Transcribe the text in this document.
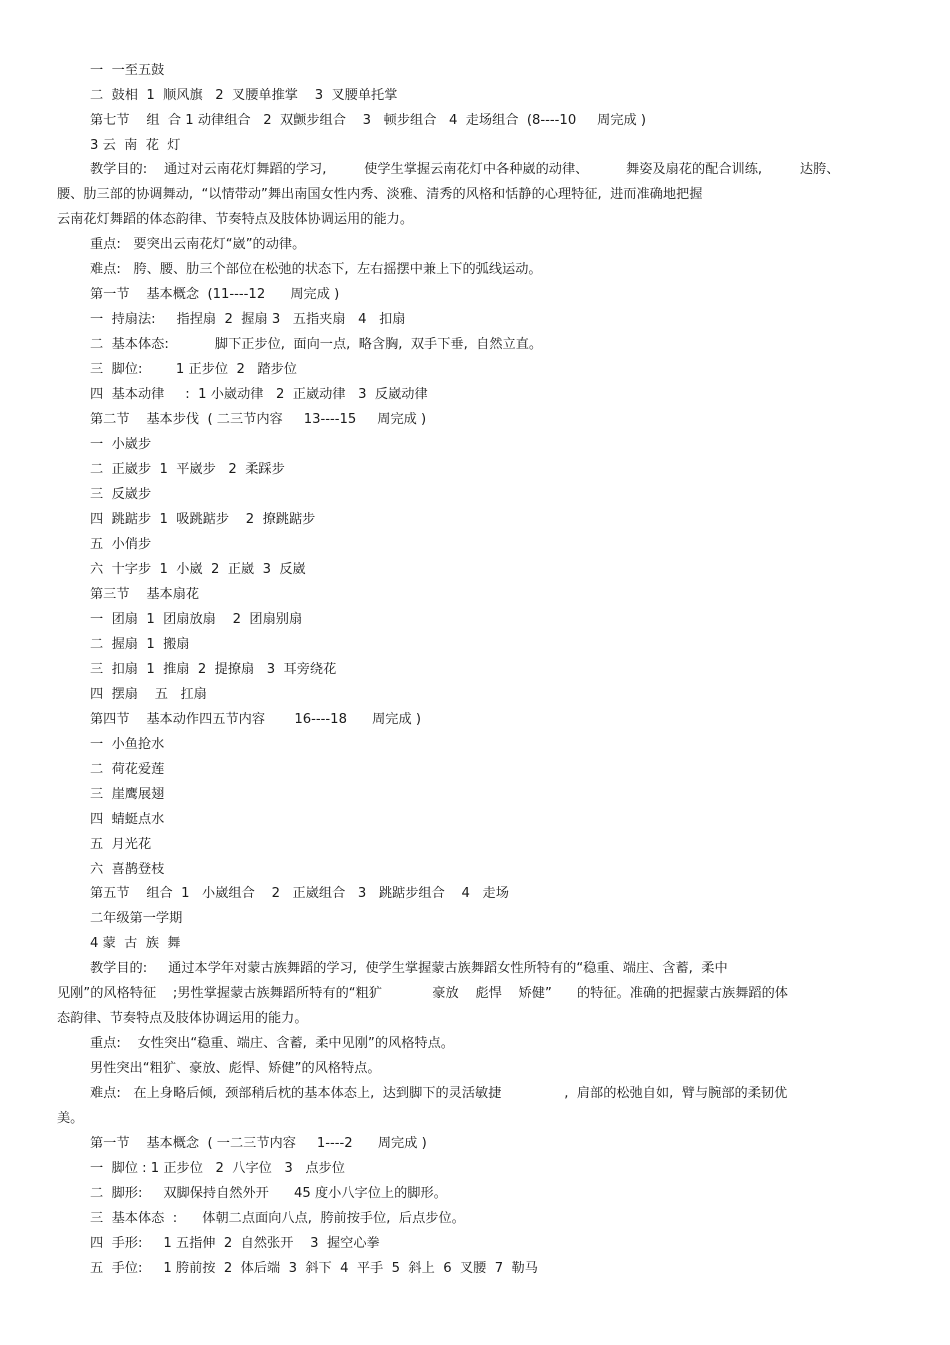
一  一至五鼓
二  鼓相  1  顺风旗   2  叉腰单推掌    3  叉腰单托掌
第七节    组  合 1 动律组合   2  双颤步组合    3   顿步组合   4  走场组合  (8----10     周完成 )
3 云  南  花  灯
教学目的:    通过对云南花灯舞蹈的学习,         使学生掌握云南花灯中各种崴的动律、         舞姿及扇花的配合训练,         达胯、
腰、肋三部的协调舞动,  “以情带动”舞出南国女性内秀、淡雅、清秀的风格和恬静的心理特征,  进而准确地把握
云南花灯舞蹈的体态韵律、节奏特点及肢体协调运用的能力。
重点:   要突出云南花灯“崴”的动律。
难点:   胯、腰、肋三个部位在松弛的状态下,  左右摇摆中兼上下的弧线运动。
第一节    基本概念  (11----12      周完成 )
一  持扇法:     指捏扇  2  握扇 3   五指夹扇   4   扣扇
二  基本体态:           脚下正步位,  面向一点,  略含胸,  双手下垂,  自然立直。
三  脚位:        1 正步位  2   踏步位
四  基本动律     :  1 小崴动律   2  正崴动律   3  反崴动律
第二节    基本步伐  ( 二三节内容     13----15     周完成 )
一  小崴步
二  正崴步  1  平崴步   2  柔踩步
三  反崴步
四  跳踮步  1  吸跳踮步    2  撩跳踮步
五  小俏步
六  十字步  1  小崴  2  正崴  3  反崴
第三节    基本扇花
一  团扇  1  团扇放扇    2  团扇别扇
二  握扇  1  搬扇
三  扣扇  1  推扇  2  提撩扇   3  耳旁绕花
四  摆扇    五   扛扇
第四节    基本动作四五节内容       16----18      周完成 )
一  小鱼抢水
二  荷花爱莲
三  崖鹰展翅
四  蜻蜓点水
五  月光花
六  喜鹊登枝
第五节    组合  1   小崴组合    2   正崴组合   3   跳踮步组合    4   走场
二年级第一学期
4 蒙  古  族  舞
教学目的:     通过本学年对蒙古族舞蹈的学习,  使学生掌握蒙古族舞蹈女性所特有的“稳重、端庄、含蓄,  柔中
见刚”的风格特征    ;男性掌握蒙古族舞蹈所特有的“粗犷            豪放    彪悍    矫健”      的特征。准确的把握蒙古族舞蹈的体
态韵律、节奏特点及肢体协调运用的能力。
重点:    女性突出“稳重、端庄、含蓄,  柔中见刚”的风格特点。
男性突出“粗犷、豪放、彪悍、矫健”的风格特点。
难点:   在上身略后倾,  颈部稍后枕的基本体态上,  达到脚下的灵活敏捷               ,  肩部的松弛自如,  臂与腕部的柔韧优
美。
第一节    基本概念  ( 一二三节内容     1----2      周完成 )
一  脚位 : 1 正步位   2  八字位   3   点步位
二  脚形:     双脚保持自然外开      45 度小八字位上的脚形。
三  基本体态  :      体朝二点面向八点,  胯前按手位,  后点步位。
四  手形:     1 五指伸  2  自然张开    3  握空心拳
五  手位:     1 胯前按  2  体后端  3  斜下  4  平手  5  斜上  6  叉腰  7  勒马
